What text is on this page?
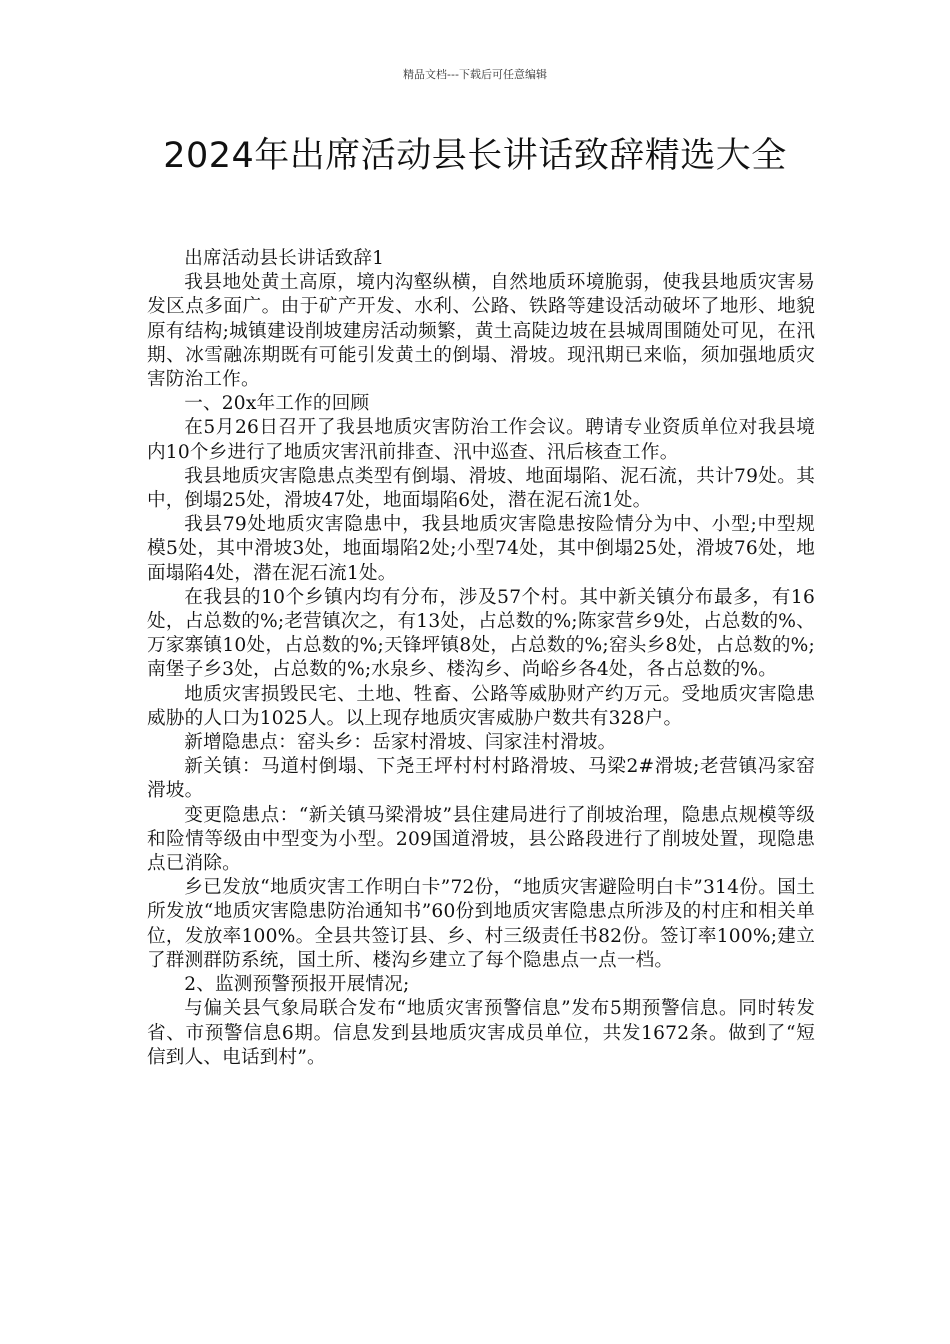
精品文档---下载后可任意编辑
2024年出席活动县长讲话致辞精选大全

出席活动县长讲话致辞1

我县地处黄土高原，境内沟壑纵横，自然地质环境脆弱，使我县地质灾害易发区点多面广。由于矿产开发、水利、公路、铁路等建设活动破坏了地形、地貌原有结构;城镇建设削坡建房活动频繁，黄土高陡边坡在县城周围随处可见，在汛期、冰雪融冻期既有可能引发黄土的倒塌、滑坡。现汛期已来临，须加强地质灾害防治工作。

一、20x年工作的回顾

在5月26日召开了我县地质灾害防治工作会议。聘请专业资质单位对我县境内10个乡进行了地质灾害汛前排查、汛中巡查、汛后核查工作。

我县地质灾害隐患点类型有倒塌、滑坡、地面塌陷、泥石流，共计79处。其中，倒塌25处，滑坡47处，地面塌陷6处，潜在泥石流1处。

我县79处地质灾害隐患中，我县地质灾害隐患按险情分为中、小型;中型规模5处，其中滑坡3处，地面塌陷2处;小型74处，其中倒塌25处，滑坡76处，地面塌陷4处，潜在泥石流1处。

在我县的10个乡镇内均有分布，涉及57个村。其中新关镇分布最多，有16处，占总数的%;老营镇次之，有13处，占总数的%;陈家营乡9处，占总数的%、万家寨镇10处，占总数的%;天锋坪镇8处，占总数的%;窑头乡8处，占总数的%;南堡子乡3处，占总数的%;水泉乡、楼沟乡、尚峪乡各4处，各占总数的%。

地质灾害损毁民宅、土地、牲畜、公路等威胁财产约万元。受地质灾害隐患威胁的人口为1025人。以上现存地质灾害威胁户数共有328户。

新增隐患点：窑头乡：岳家村滑坡、闫家洼村滑坡。

新关镇：马道村倒塌、下尧王坪村村村路滑坡、马梁2#滑坡;老营镇冯家窑滑坡。

变更隐患点：“新关镇马梁滑坡”县住建局进行了削坡治理，隐患点规模等级和险情等级由中型变为小型。209国道滑坡，县公路段进行了削坡处置，现隐患点已消除。

乡已发放“地质灾害工作明白卡”72份，“地质灾害避险明白卡”314份。国土所发放“地质灾害隐患防治通知书”60份到地质灾害隐患点所涉及的村庄和相关单位，发放率100%。全县共签订县、乡、村三级责任书82份。签订率100%;建立了群测群防系统，国土所、楼沟乡建立了每个隐患点一点一档。

2、监测预警预报开展情况;

与偏关县气象局联合发布“地质灾害预警信息”发布5期预警信息。同时转发省、市预警信息6期。信息发到县地质灾害成员单位，共发1672条。做到了“短信到人、电话到村”。
